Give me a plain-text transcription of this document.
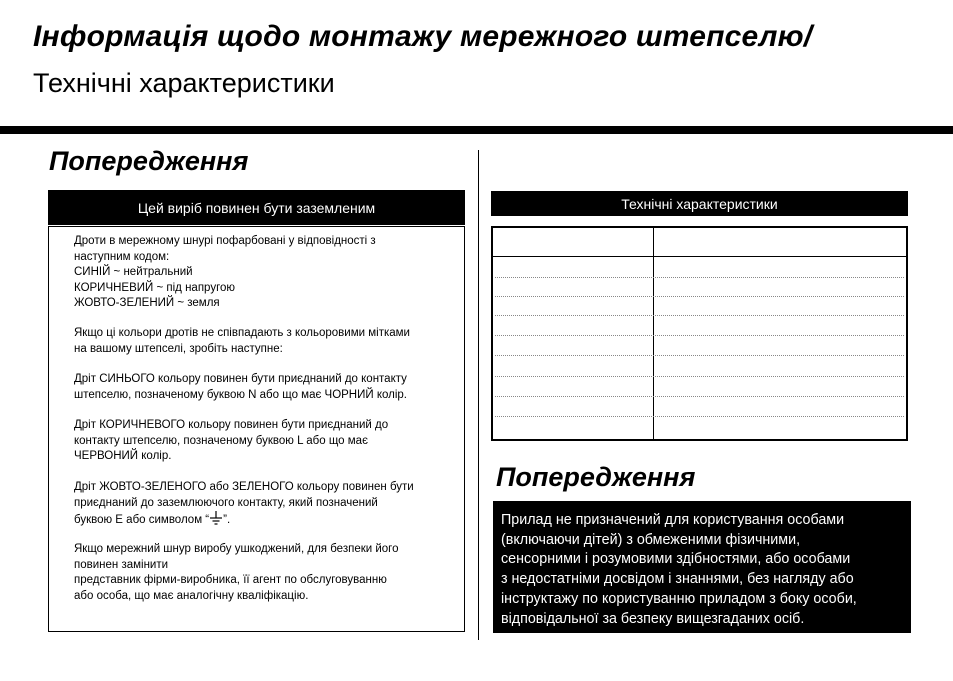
Інформація щодо монтажу мережного штепселю/
Технічні характеристики
Попередження
Цей виріб повинен бути заземленим
Дроти в мережному шнурі пофарбовані у відповідності з
наступним кодом:
СИНІЙ ~ нейтральний
КОРИЧНЕВИЙ ~ під напругою
ЖОВТО-ЗЕЛЕНИЙ ~ земля
Якщо ці кольори дротів не співпадають з кольоровими мітками
на вашому штепселі, зробіть наступне:
Дріт СИНЬОГО кольору повинен бути приєднаний до контакту
штепселю, позначеному буквою N або що має ЧОРНИЙ колір.
Дріт КОРИЧНЕВОГО кольору повинен бути приєднаний до
контакту штепселю, позначеному буквою L або що має
ЧЕРВОНИЙ колір.
Дріт ЖОВТО-ЗЕЛЕНОГО або ЗЕЛЕНОГО кольору повинен бути
приєднаний до заземлюючого контакту, який позначений
буквою E або символом “ ”.
Якщо мережний шнур виробу ушкоджений, для безпеки його
повинен замінити
представник фірми-виробника, її агент по обслуговуванню
або особа, що має аналогічну кваліфікацію.
Технічні характеристики
Попередження
Прилад не призначений для користування особами
(включаючи дітей) з обмеженими фізичними,
сенсорними і розумовими здібностями, або особами
з недостатніми досвідом і знаннями, без нагляду або
інструктажу по користуванню приладом з боку особи,
відповідальної за безпеку вищезгаданих осіб.
